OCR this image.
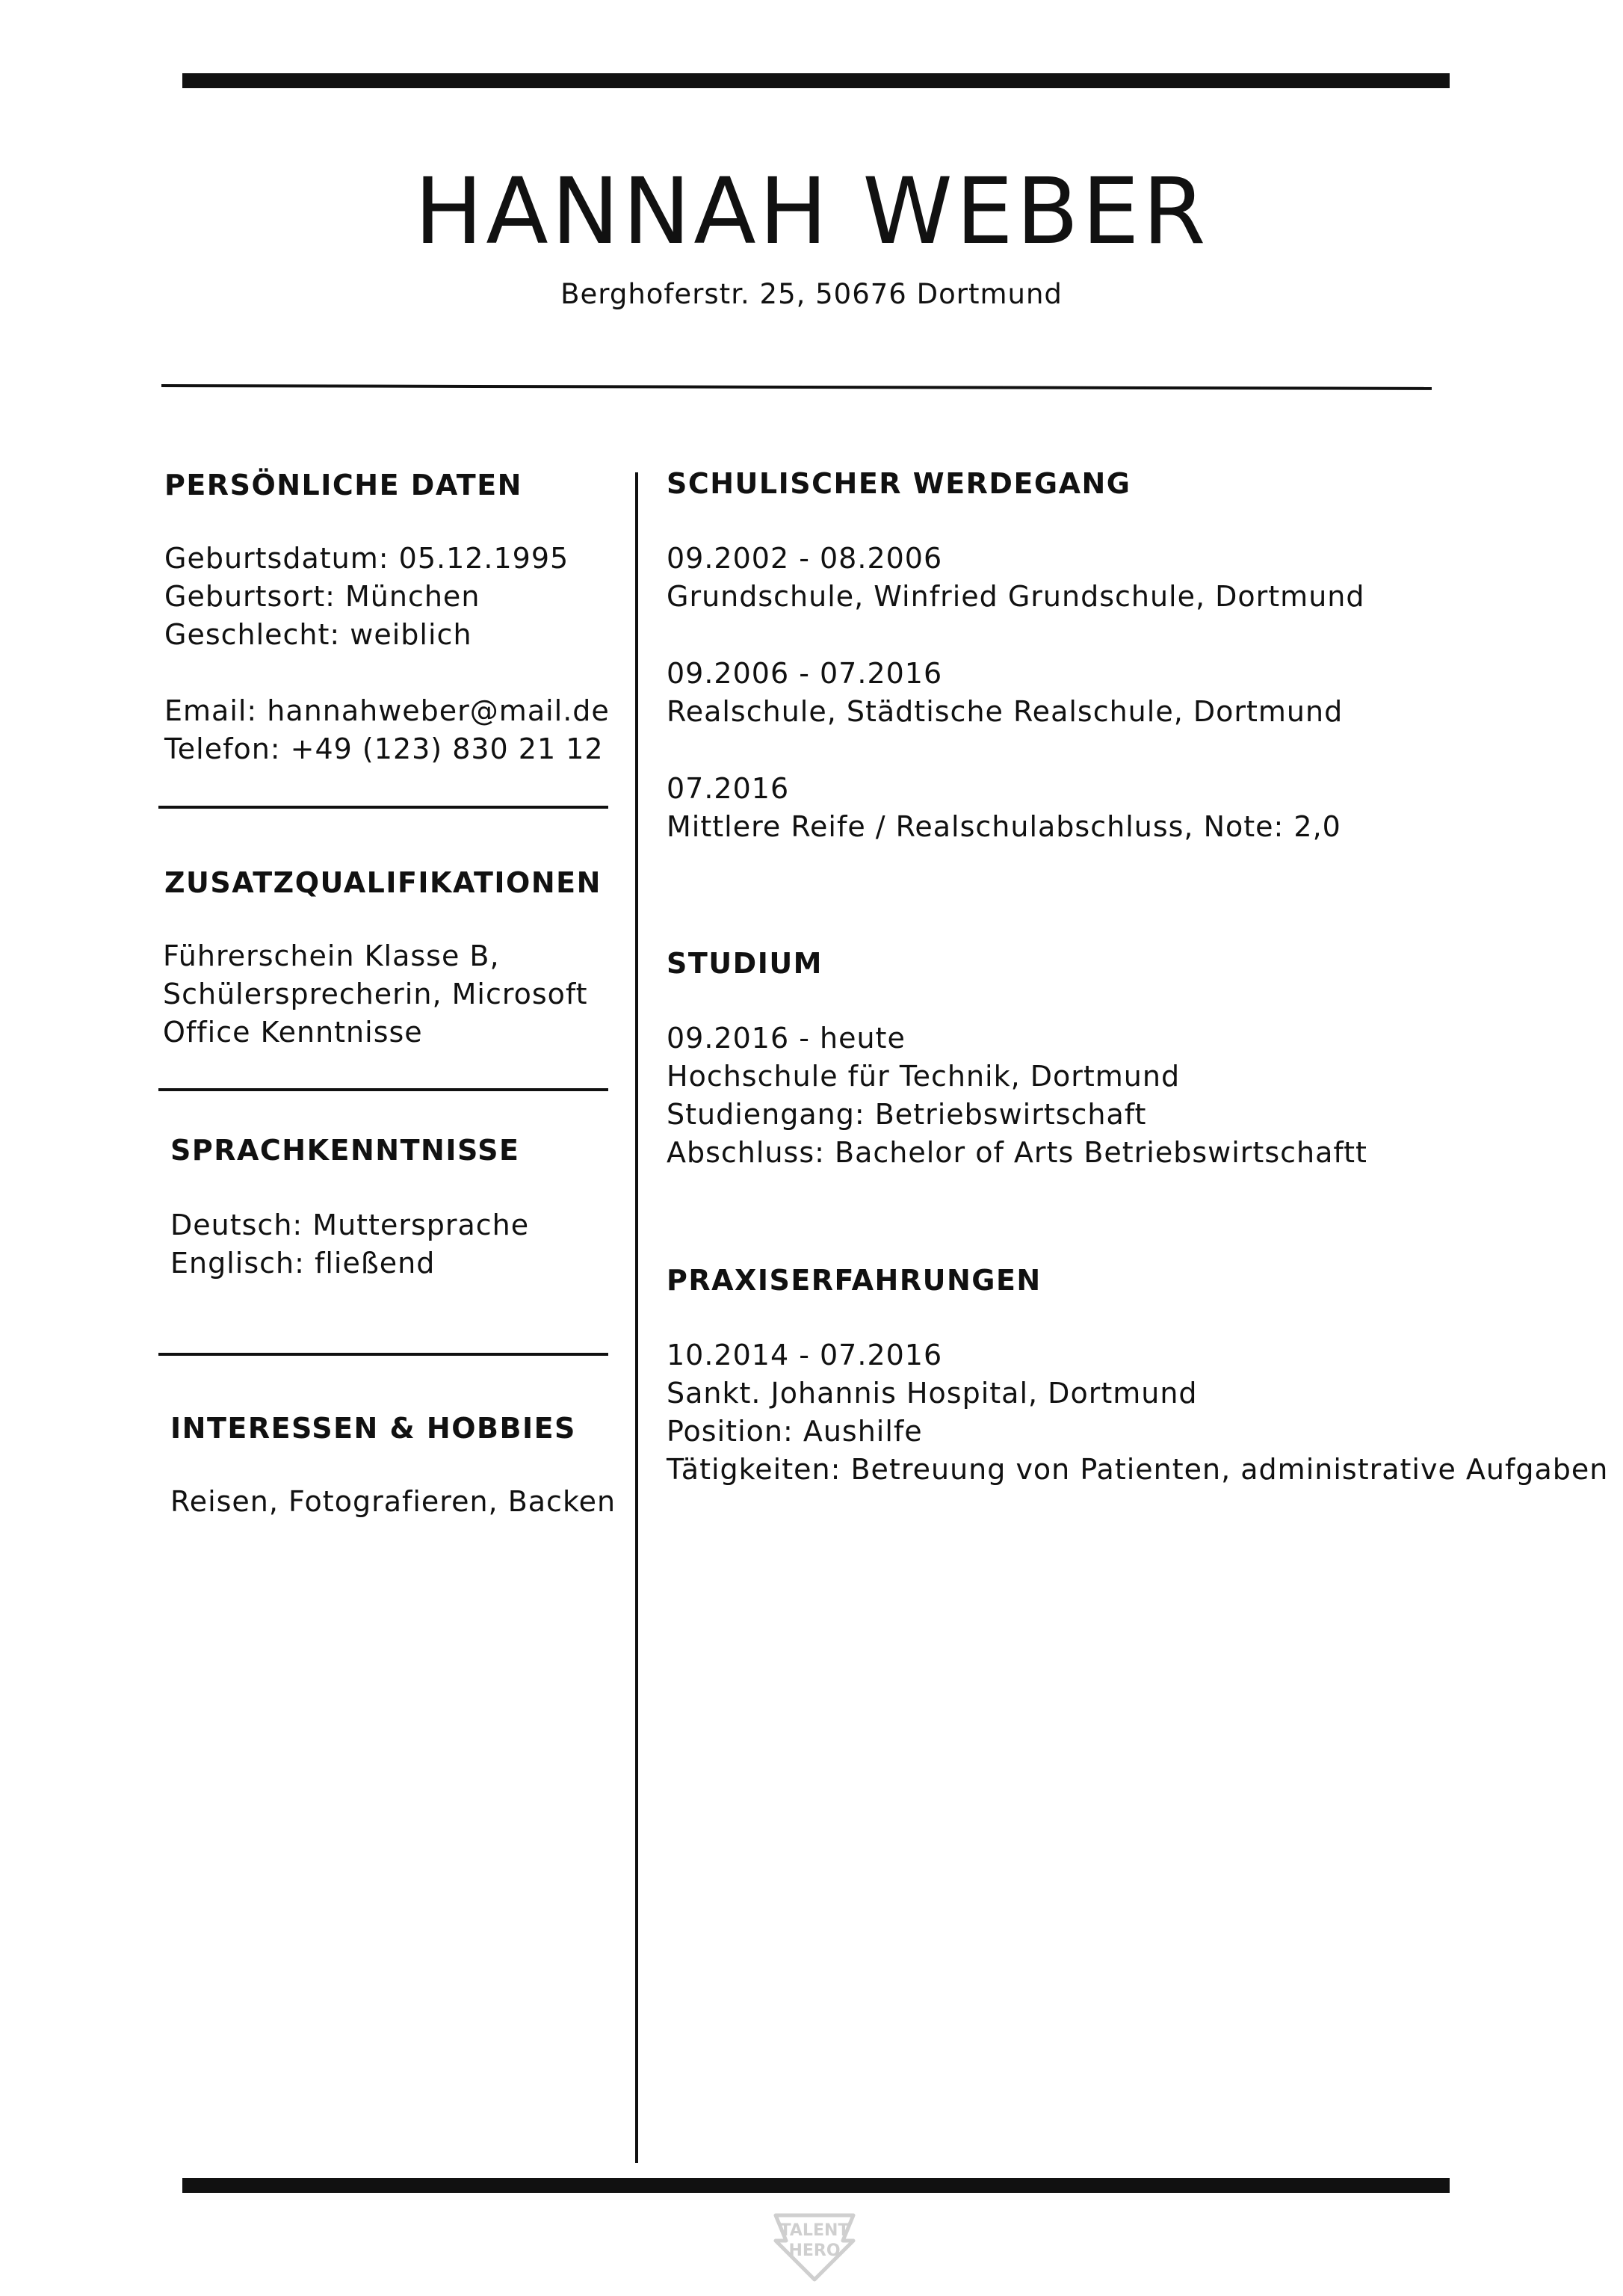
HANNAH WEBER
Berghoferstr. 25, 50676 Dortmund
PERSÖNLICHE DATEN
Geburtsdatum: 05.12.1995
Geburtsort: München
Geschlecht: weiblich
Email: hannahweber@mail.de
Telefon: +49 (123) 830 21 12
ZUSATZQUALIFIKATIONEN
Führerschein Klasse B,
Schülersprecherin, Microsoft
Office Kenntnisse
SPRACHKENNTNISSE
Deutsch: Muttersprache
Englisch: fließend
INTERESSEN & HOBBIES
Reisen, Fotografieren, Backen
SCHULISCHER WERDEGANG
09.2002 - 08.2006
Grundschule, Winfried Grundschule, Dortmund
09.2006 - 07.2016
Realschule, Städtische Realschule, Dortmund
07.2016
Mittlere Reife / Realschulabschluss, Note: 2,0
STUDIUM
09.2016 - heute
Hochschule für Technik, Dortmund
Studiengang: Betriebswirtschaft
Abschluss: Bachelor of Arts Betriebswirtschaftt
PRAXISERFAHRUNGEN
10.2014 - 07.2016
Sankt. Johannis Hospital, Dortmund
Position: Aushilfe
Tätigkeiten: Betreuung von Patienten, administrative Aufgaben
TALENT
HERO
